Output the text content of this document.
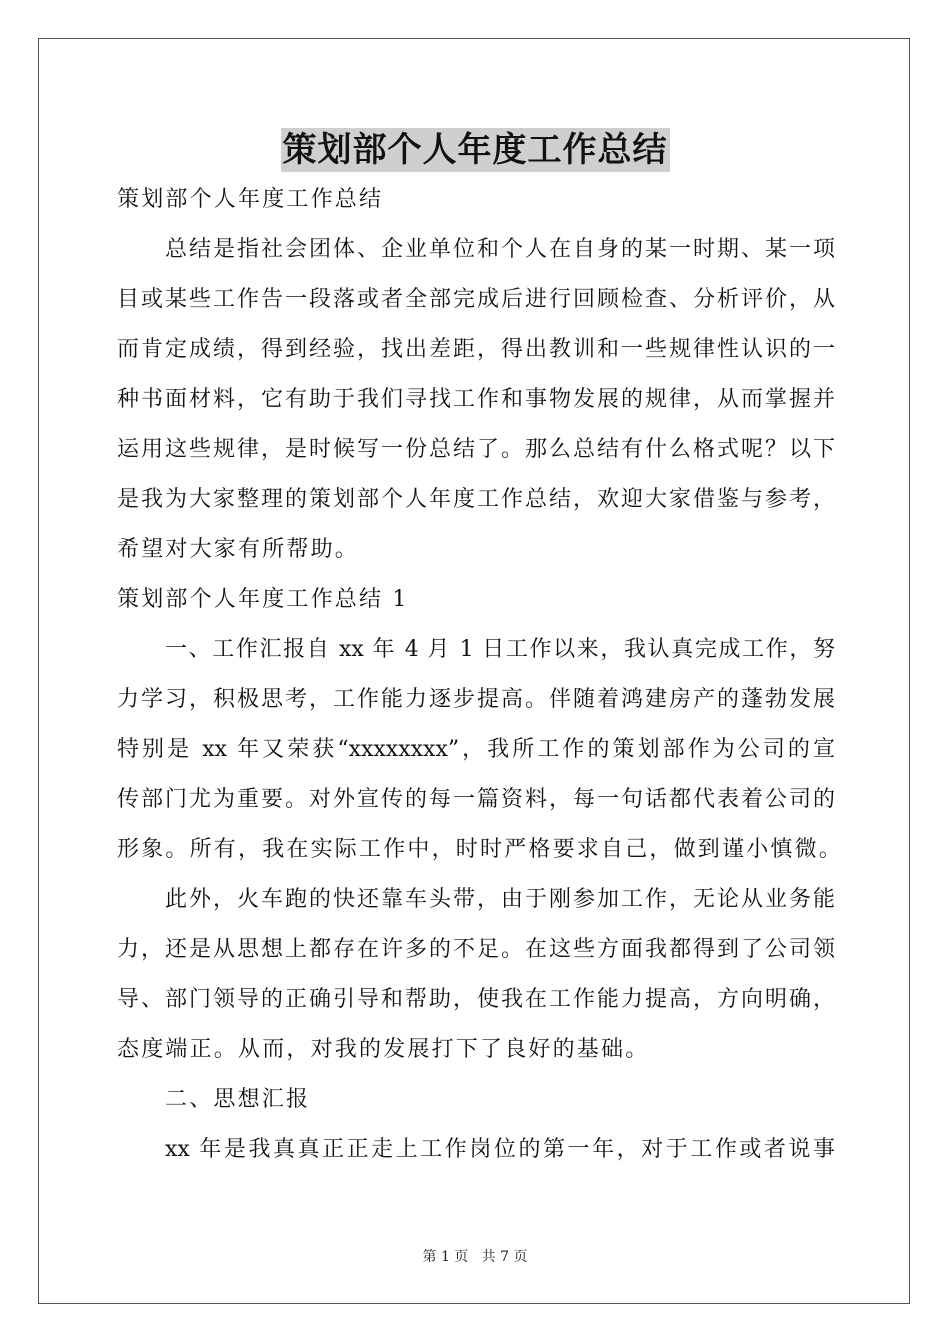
策划部个人年度工作总结
策划部个人年度工作总结
总结是指社会团体、企业单位和个人在自身的某一时期、某一项
目或某些工作告一段落或者全部完成后进行回顾检查、分析评价，从
而肯定成绩，得到经验，找出差距，得出教训和一些规律性认识的一
种书面材料，它有助于我们寻找工作和事物发展的规律，从而掌握并
运用这些规律，是时候写一份总结了。那么总结有什么格式呢？以下
是我为大家整理的策划部个人年度工作总结，欢迎大家借鉴与参考，
希望对大家有所帮助。
策划部个人年度工作总结 1
一、工作汇报自 xx 年 4 月 1 日工作以来，我认真完成工作，努
力学习，积极思考，工作能力逐步提高。伴随着鸿建房产的蓬勃发展
特别是 xx 年又荣获“xxxxxxxx”，我所工作的策划部作为公司的宣
传部门尤为重要。对外宣传的每一篇资料，每一句话都代表着公司的
形象。所有，我在实际工作中，时时严格要求自己，做到谨小慎微。
此外，火车跑的快还靠车头带，由于刚参加工作，无论从业务能
力，还是从思想上都存在许多的不足。在这些方面我都得到了公司领
导、部门领导的正确引导和帮助，使我在工作能力提高，方向明确，
态度端正。从而，对我的发展打下了良好的基础。
二、思想汇报
xx 年是我真真正正走上工作岗位的第一年，对于工作或者说事
第 1 页 共 7 页
